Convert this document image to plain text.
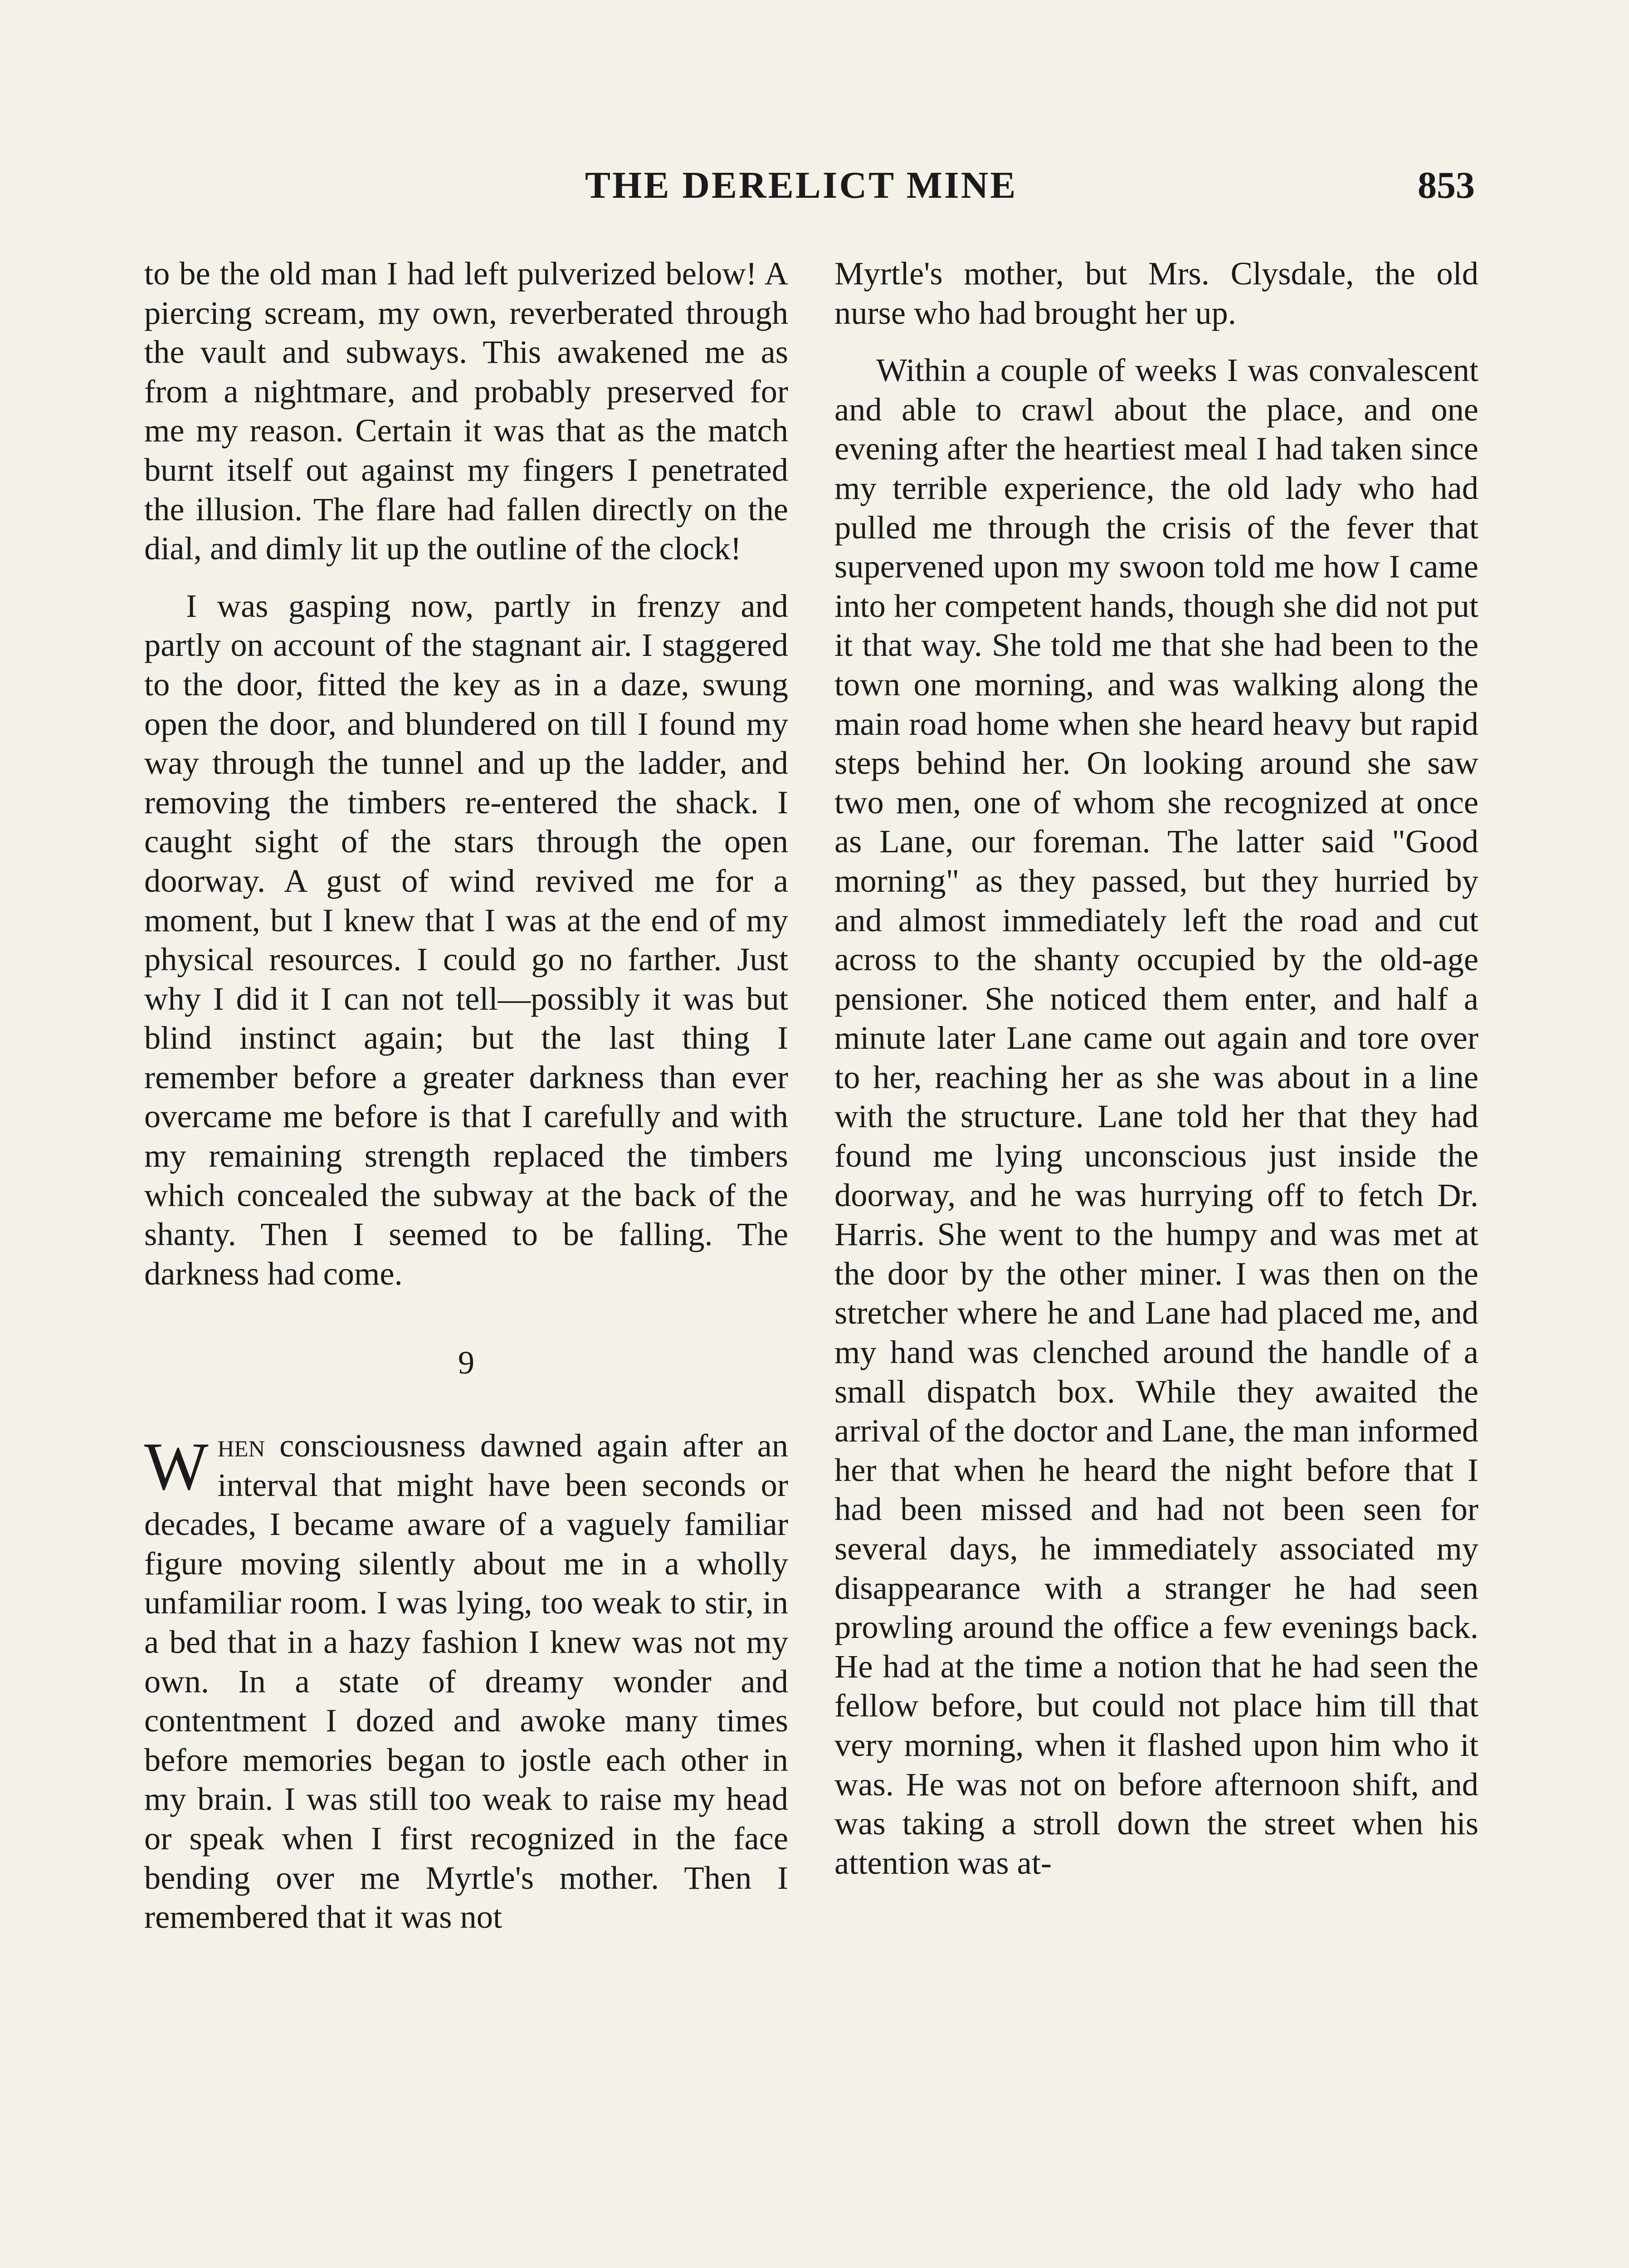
THE DERELICT MINE	853

to be the old man I had left pulverized below! A piercing scream, my own, reverberated through the vault and subways. This awakened me as from a nightmare, and probably preserved for me my reason. Certain it was that as the match burnt itself out against my fingers I penetrated the illusion. The flare had fallen directly on the dial, and dimly lit up the outline of the clock!

I was gasping now, partly in frenzy and partly on account of the stagnant air. I staggered to the door, fitted the key as in a daze, swung open the door, and blundered on till I found my way through the tunnel and up the ladder, and removing the timbers re-entered the shack. I caught sight of the stars through the open doorway. A gust of wind revived me for a moment, but I knew that I was at the end of my physical resources. I could go no farther. Just why I did it I can not tell—possibly it was but blind instinct again; but the last thing I remember before a greater darkness than ever overcame me before is that I carefully and with my remaining strength replaced the timbers which concealed the subway at the back of the shanty. Then I seemed to be falling. The darkness had come.

9

When consciousness dawned again after an interval that might have been seconds or decades, I became aware of a vaguely familiar figure moving silently about me in a wholly unfamiliar room. I was lying, too weak to stir, in a bed that in a hazy fashion I knew was not my own. In a state of dreamy wonder and contentment I dozed and awoke many times before memories began to jostle each other in my brain. I was still too weak to raise my head or speak when I first recognized in the face bending over me Myrtle's mother. Then I remembered that it was not

Myrtle's mother, but Mrs. Clysdale, the old nurse who had brought her up.

Within a couple of weeks I was convalescent and able to crawl about the place, and one evening after the heartiest meal I had taken since my terrible experience, the old lady who had pulled me through the crisis of the fever that supervened upon my swoon told me how I came into her competent hands, though she did not put it that way. She told me that she had been to the town one morning, and was walking along the main road home when she heard heavy but rapid steps behind her. On looking around she saw two men, one of whom she recognized at once as Lane, our foreman. The latter said "Good morning" as they passed, but they hurried by and almost immediately left the road and cut across to the shanty occupied by the old-age pensioner. She noticed them enter, and half a minute later Lane came out again and tore over to her, reaching her as she was about in a line with the structure. Lane told her that they had found me lying unconscious just inside the doorway, and he was hurrying off to fetch Dr. Harris. She went to the humpy and was met at the door by the other miner. I was then on the stretcher where he and Lane had placed me, and my hand was clenched around the handle of a small dispatch box. While they awaited the arrival of the doctor and Lane, the man informed her that when he heard the night before that I had been missed and had not been seen for several days, he immediately associated my disappearance with a stranger he had seen prowling around the office a few evenings back. He had at the time a notion that he had seen the fellow before, but could not place him till that very morning, when it flashed upon him who it was. He was not on before afternoon shift, and was taking a stroll down the street when his attention was at-
